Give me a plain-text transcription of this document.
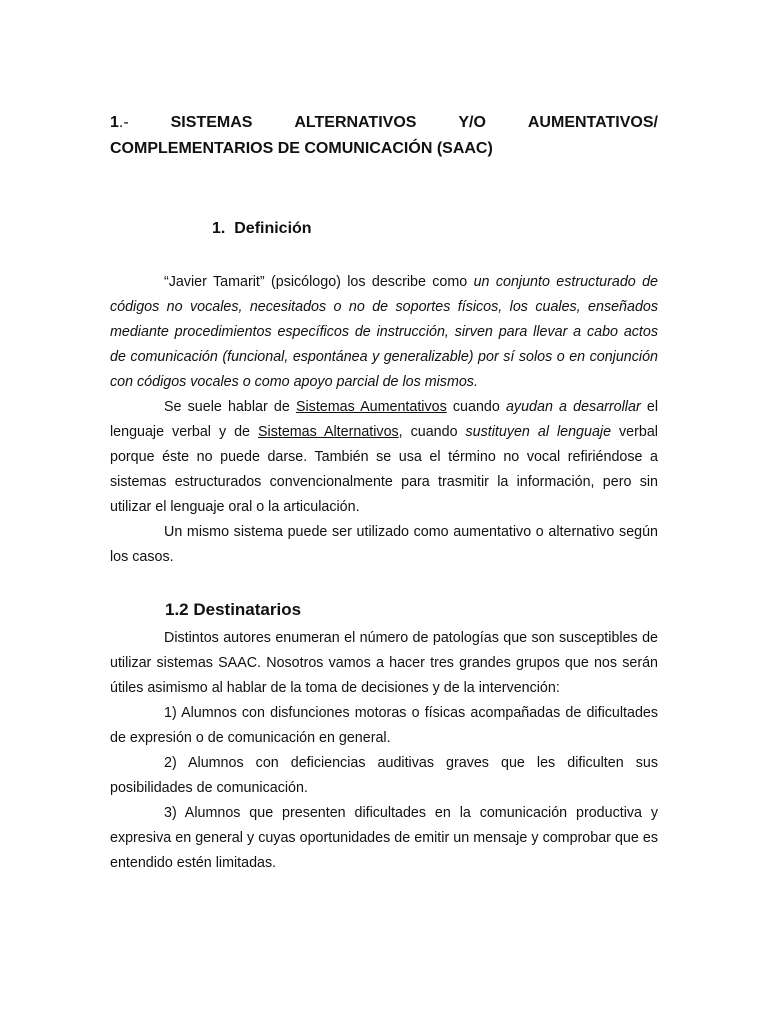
1.-	SISTEMAS	ALTERNATIVOS	Y/O	AUMENTATIVOS/
COMPLEMENTARIOS DE COMUNICACIÓN (SAAC)
1.  Definición

“Javier Tamarit” (psicólogo) los describe como un conjunto estructurado de códigos no vocales, necesitados o no de soportes físicos, los cuales, enseñados mediante procedimientos específicos de instrucción, sirven para llevar a cabo actos de comunicación (funcional, espontánea y generalizable) por sí solos o en conjunción con códigos vocales o como apoyo parcial de los mismos.

Se suele hablar de Sistemas Aumentativos cuando ayudan a desarrollar el lenguaje verbal y de Sistemas Alternativos, cuando sustituyen al lenguaje verbal porque éste no puede darse. También se usa el término no vocal refiriéndose a sistemas estructurados convencionalmente para trasmitir la información, pero sin utilizar el lenguaje oral o la articulación.

Un mismo sistema puede ser utilizado como aumentativo o alternativo según los casos.

1.2 Destinatarios

Distintos autores enumeran el número de patologías que son susceptibles de utilizar sistemas SAAC. Nosotros vamos a hacer tres grandes grupos que nos serán útiles asimismo al hablar de la toma de decisiones y de la intervención:

1) Alumnos con disfunciones motoras o físicas acompañadas de dificultades de expresión o de comunicación en general.

2) Alumnos con deficiencias auditivas graves que les dificulten sus posibilidades de comunicación.

3) Alumnos que presenten dificultades en la comunicación productiva y expresiva en general y cuyas oportunidades de emitir un mensaje y comprobar que es entendido estén limitadas.
